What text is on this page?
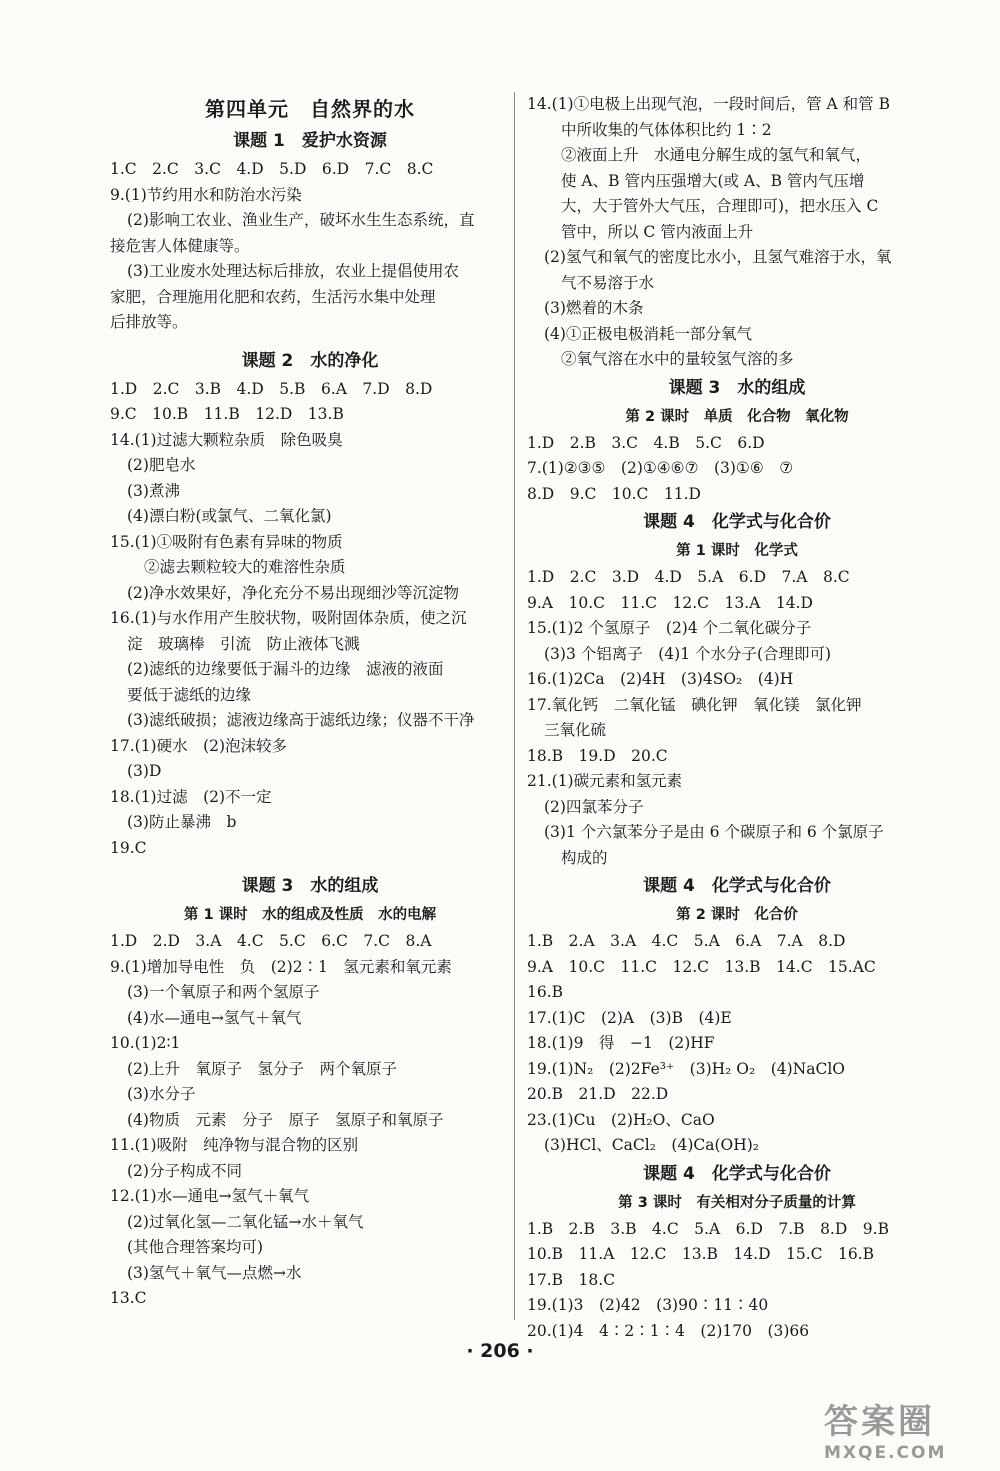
第四单元　自然界的水
课题 1　爱护水资源
1.C　2.C　3.C　4.D　5.D　6.D　7.C　8.C
9.(1)节约用水和防治水污染
(2)影响工农业、渔业生产，破坏水生生态系统，直
接危害人体健康等。
(3)工业废水处理达标后排放，农业上提倡使用农
家肥，合理施用化肥和农药，生活污水集中处理
后排放等。
课题 2　水的净化
1.D　2.C　3.B　4.D　5.B　6.A　7.D　8.D
9.C　10.B　11.B　12.D　13.B
14.(1)过滤大颗粒杂质　除色吸臭
(2)肥皂水
(3)煮沸
(4)漂白粉(或氯气、二氧化氯)
15.(1)①吸附有色素有异味的物质
②滤去颗粒较大的难溶性杂质
(2)净水效果好，净化充分不易出现细沙等沉淀物
16.(1)与水作用产生胶状物，吸附固体杂质，使之沉
淀　玻璃棒　引流　防止液体飞溅
(2)滤纸的边缘要低于漏斗的边缘　滤液的液面
要低于滤纸的边缘
(3)滤纸破损；滤液边缘高于滤纸边缘；仪器不干净
17.(1)硬水　(2)泡沫较多
(3)D
18.(1)过滤　(2)不一定
(3)防止暴沸　b
19.C
课题 3　水的组成
第 1 课时　水的组成及性质　水的电解
1.D　2.D　3.A　4.C　5.C　6.C　7.C　8.A
9.(1)增加导电性　负　(2)2∶1　氢元素和氧元素
(3)一个氧原子和两个氢原子
(4)水—通电→氢气＋氧气
10.(1)2∶1
(2)上升　氧原子　氢分子　两个氧原子
(3)水分子
(4)物质　元素　分子　原子　氢原子和氧原子
11.(1)吸附　纯净物与混合物的区别
(2)分子构成不同
12.(1)水—通电→氢气＋氧气
(2)过氧化氢—二氧化锰→水＋氧气
(其他合理答案均可)
(3)氢气＋氧气—点燃→水
13.C
14.(1)①电极上出现气泡，一段时间后，管 A 和管 B
中所收集的气体体积比约 1∶2
②液面上升　水通电分解生成的氢气和氧气，
使 A、B 管内压强增大(或 A、B 管内气压增
大，大于管外大气压，合理即可)，把水压入 C
管中，所以 C 管内液面上升
(2)氢气和氧气的密度比水小，且氢气难溶于水，氧
气不易溶于水
(3)燃着的木条
(4)①正极电极消耗一部分氧气
②氧气溶在水中的量较氢气溶的多
课题 3　水的组成
第 2 课时　单质　化合物　氧化物
1.D　2.B　3.C　4.B　5.C　6.D
7.(1)②③⑤　(2)①④⑥⑦　(3)①⑥　⑦
8.D　9.C　10.C　11.D
课题 4　化学式与化合价
第 1 课时　化学式
1.D　2.C　3.D　4.D　5.A　6.D　7.A　8.C
9.A　10.C　11.C　12.C　13.A　14.D
15.(1)2 个氢原子　(2)4 个二氧化碳分子
(3)3 个铝离子　(4)1 个水分子(合理即可)
16.(1)2Ca　(2)4H　(3)4SO₂　(4)H
17.氧化钙　二氧化锰　碘化钾　氧化镁　氯化钾
三氧化硫
18.B　19.D　20.C
21.(1)碳元素和氢元素
(2)四氯苯分子
(3)1 个六氯苯分子是由 6 个碳原子和 6 个氯原子
构成的
课题 4　化学式与化合价
第 2 课时　化合价
1.B　2.A　3.A　4.C　5.A　6.A　7.A　8.D
9.A　10.C　11.C　12.C　13.B　14.C　15.AC
16.B
17.(1)C　(2)A　(3)B　(4)E
18.(1)9　得　−1　(2)HF
19.(1)N₂　(2)2Fe³⁺　(3)H₂ O₂　(4)NaClO
20.B　21.D　22.D
23.(1)Cu　(2)H₂O、CaO
(3)HCl、CaCl₂　(4)Ca(OH)₂
课题 4　化学式与化合价
第 3 课时　有关相对分子质量的计算
1.B　2.B　3.B　4.C　5.A　6.D　7.B　8.D　9.B
10.B　11.A　12.C　13.B　14.D　15.C　16.B
17.B　18.C
19.(1)3　(2)42　(3)90∶11∶40
20.(1)4　4∶2∶1∶4　(2)170　(3)66
· 206 ·
答案圈
MXQE.COM
